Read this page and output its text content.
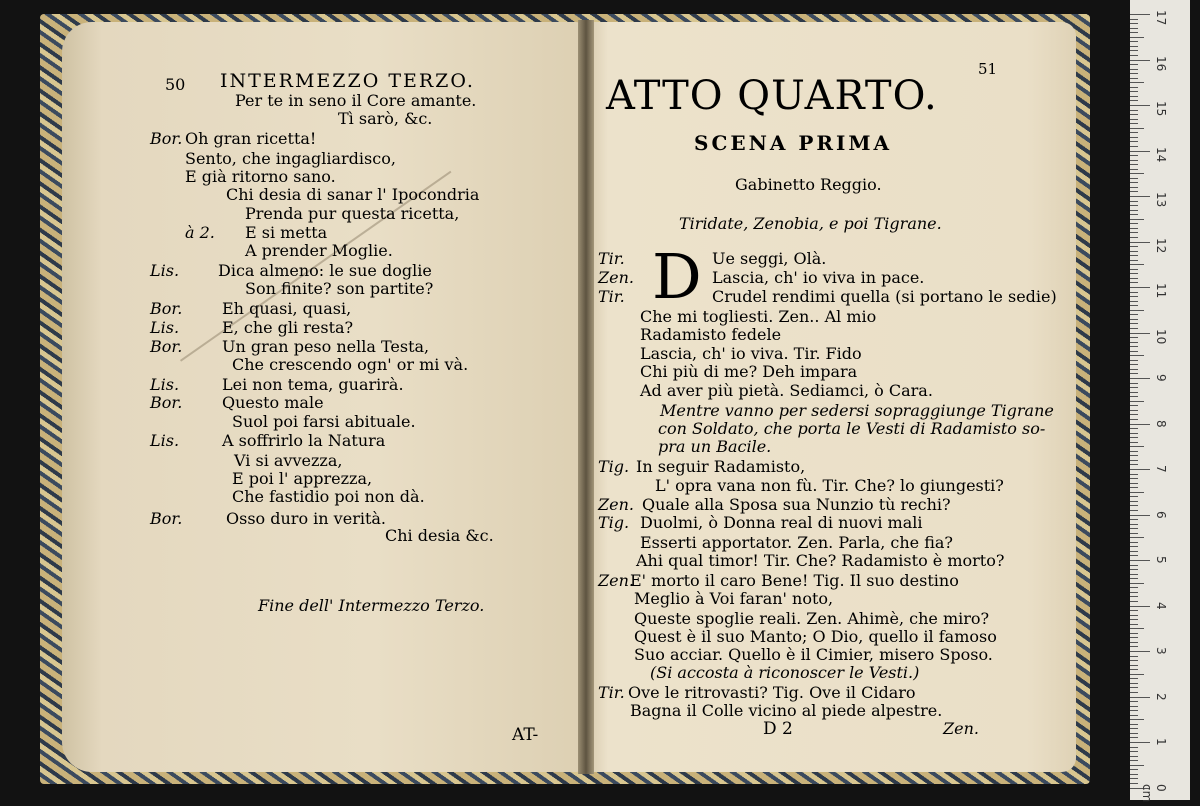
50 INTERMEZZO TERZO.
Per te in seno il Core amante.
Tì sarò, &c.
Bor. Oh gran ricetta!
Sento, che ingagliardisco,
E già ritorno sano.
Chi desia di sanar l' Ipocondria
Prenda pur questa ricetta,
à 2. E si metta
A prender Moglie.
Lis. Dica almeno: le sue doglie
Son finite? son partite?
Bor. Eh quasi, quasi,
Lis.	E, che gli resta?
Bor. Un gran peso nella Testa,
Che crescendo ogn' or mi và.
Lis.	Lei non tema, guarirà.
Bor. Questo male
Suol poi farsi abituale.
Lis.	A soffrirlo la Natura
Vi si avvezza,
E poi l' apprezza,
Che fastidio poi non dà.
Bor.	Osso duro in verità.
Chi desia &c.
Fine dell' Intermezzo Terzo.
AT-
51
ATTO QUARTO.
SCENA PRIMA
Gabinetto Reggio.
Tiridate, Zenobia, e poi Tigrane.
D
Tir.	Ue seggi, Olà.
Zen.	Lascia, ch' io viva in pace.
Tir.	Crudel rendimi quella (si portano le sedie)
Che mi togliesti. Zen.. Al mio
Radamisto fedele
Lascia, ch' io viva. Tir. Fido
Chi più di me? Deh impara
Ad aver più pietà. Sediamci, ò Cara.
Mentre vanno per sedersi sopraggiunge Tigrane
con Soldato, che porta le Vesti di Radamisto so-
pra un Bacile.
Tig. In seguir Radamisto,
L' opra vana non fù. Tir. Che? lo giungesti?
Zen. Quale alla Sposa sua Nunzio tù rechi?
Tig. Duolmi, ò Donna real di nuovi mali
Esserti apportator. Zen. Parla, che fia?
Ahi qual timor! Tir. Che? Radamisto è morto?
Zen.
E' morto il caro Bene! Tig. Il suo destino
Meglio à Voi faran' noto,
Queste spoglie reali. Zen. Ahimè, che miro?
Quest è il suo Manto; O Dio, quello il famoso
Suo acciar. Quello è il Cimier, misero Sposo.
(Si accosta à riconoscer le Vesti.)
Tir. Ove le ritrovasti? Tig. Ove il Cidaro
Bagna il Colle vicino al piede alpestre.
D 2	Zen.
17
16
15
14
13
12
11
10
9
8
7
6
5
4
3
2
1
0 cm
